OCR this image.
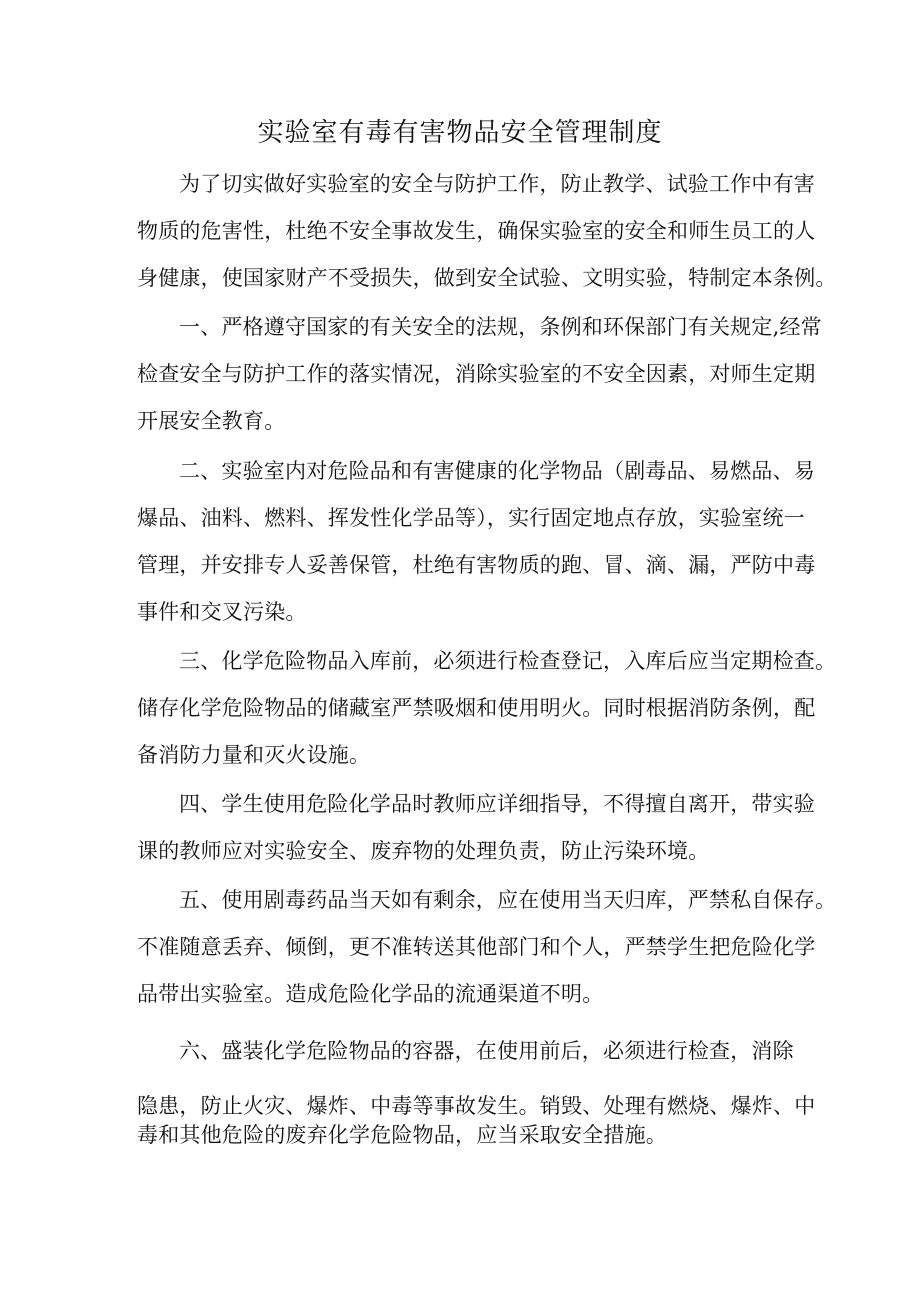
实验室有毒有害物品安全管理制度
为了切实做好实验室的安全与防护工作，防止教学、试验工作中有害
物质的危害性，杜绝不安全事故发生，确保实验室的安全和师生员工的人
身健康，使国家财产不受损失，做到安全试验、文明实验，特制定本条例。
一、严格遵守国家的有关安全的法规，条例和环保部门有关规定,经常
检查安全与防护工作的落实情况，消除实验室的不安全因素，对师生定期
开展安全教育。
二、实验室内对危险品和有害健康的化学物品（剧毒品、易燃品、易
爆品、油料、燃料、挥发性化学品等），实行固定地点存放，实验室统一
管理，并安排专人妥善保管，杜绝有害物质的跑、冒、滴、漏，严防中毒
事件和交叉污染。
三、化学危险物品入库前，必须进行检查登记，入库后应当定期检查。
储存化学危险物品的储藏室严禁吸烟和使用明火。同时根据消防条例，配
备消防力量和灭火设施。
四、学生使用危险化学品时教师应详细指导，不得擅自离开，带实验
课的教师应对实验安全、废弃物的处理负责，防止污染环境。
五、使用剧毒药品当天如有剩余，应在使用当天归库，严禁私自保存。
不准随意丢弃、倾倒，更不准转送其他部门和个人，严禁学生把危险化学
品带出实验室。造成危险化学品的流通渠道不明。
六、盛装化学危险物品的容器，在使用前后，必须进行检查，消除
隐患，防止火灾、爆炸、中毒等事故发生。销毁、处理有燃烧、爆炸、中
毒和其他危险的废弃化学危险物品，应当采取安全措施。
